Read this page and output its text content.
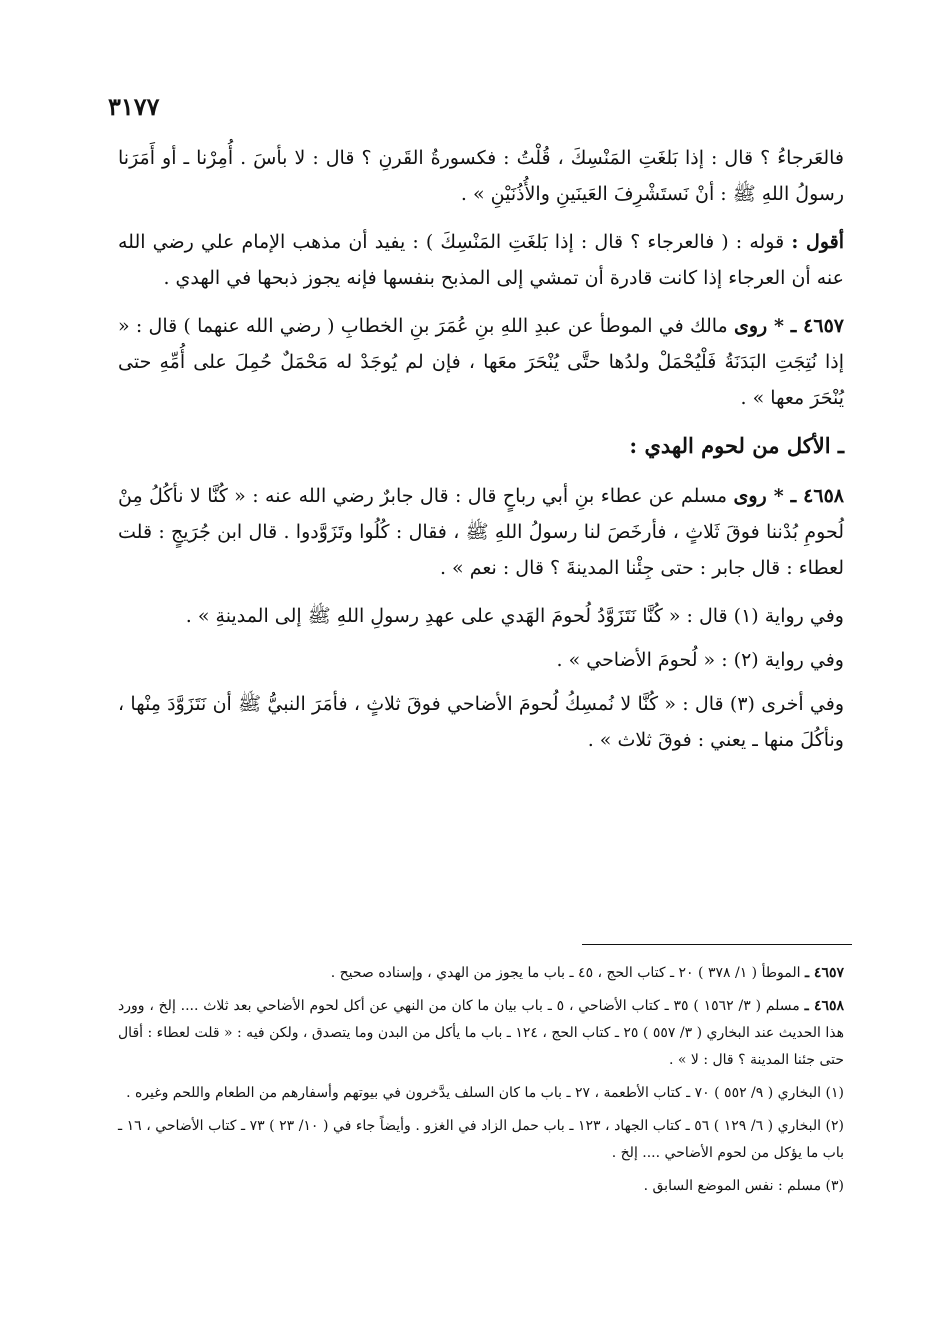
٣١٧٧

فالعَرجاءُ ؟ قال : إذا بَلغَتِ المَنْسِكَ ، قُلْتُ : فكسورةُ القَرنِ ؟ قال : لا بأسَ . أُمِرْنا ـ أو أَمَرَنا رسولُ اللهِ ﷺ : أنْ نَستَشْرِفَ العَينَينِ والأُذُنَيْنِ » .

أقول : قوله : ( فالعرجاء ؟ قال : إذا بَلغَتِ المَنْسِكَ ) : يفيد أن مذهب الإمام علي رضي الله عنه أن العرجاء إذا كانت قادرة أن تمشي إلى المذبح بنفسها فإنه يجوز ذبحها في الهدي .

٤٦٥٧ ـ * روى مالك في الموطأ عن عبدِ اللهِ بنِ عُمَرَ بنِ الخطابِ ( رضي الله عنهما ) قال : « إذا نُتِجَتِ البَدَنَةُ فَلْيُحْمَلْ ولدُها حتَّى يُنْحَرَ معَها ، فإن لم يُوجَدْ له مَحْمَلٌ حُمِلَ على أُمِّهِ حتى يُنْحَرَ معها » .

ـ الأكل من لحوم الهدي :

٤٦٥٨ ـ * روى مسلم عن عطاء بنِ أبي رباحٍ قال : قال جابرٌ رضي الله عنه : « كُنَّا لا نأكُلُ مِنْ لُحومِ بُدْننا فوقَ ثَلاثٍ ، فأرخَصَ لنا رسولُ اللهِ ﷺ ، فقال : كُلُوا وتَزَوَّدوا . قال ابن جُرَيجٍ : قلت لعطاء : قال جابر : حتى جِئْنا المدينةَ ؟ قال : نعم » .

وفي رواية (١) قال : « كُنَّا نَتَزَوَّدُ لُحومَ الهَدي على عهدِ رسولِ اللهِ ﷺ إلى المدينةِ » .

وفي رواية (٢) : « لُحومَ الأضاحي » .

وفي أخرى (٣) قال : « كُنَّا لا نُمسِكُ لُحومَ الأضاحي فوقَ ثلاثٍ ، فأمَرَ النبيُّ ﷺ أن نَتَزَوَّدَ مِنْها ، ونأكُلَ منها ـ يعني : فوقَ ثلاث » .

٤٦٥٧ ـ الموطأ ( ١/ ٣٧٨ ) ٢٠ ـ كتاب الحج ، ٤٥ ـ باب ما يجوز من الهدي ، وإسناده صحيح .

٤٦٥٨ ـ مسلم ( ٣/ ١٥٦٢ ) ٣٥ ـ كتاب الأضاحي ، ٥ ـ باب بيان ما كان من النهي عن أكل لحوم الأضاحي بعد ثلاث .... إلخ ، وورد هذا الحديث عند البخاري ( ٣/ ٥٥٧ ) ٢٥ ـ كتاب الحج ، ١٢٤ ـ باب ما يأكل من البدن وما يتصدق ، ولكن فيه : « قلت لعطاء : أقال حتى جئنا المدينة ؟ قال : لا » .

(١) البخاري ( ٩/ ٥٥٢ ) ٧٠ ـ كتاب الأطعمة ، ٢٧ ـ باب ما كان السلف يدَّخرون في بيوتهم وأسفارهم من الطعام واللحم وغيره .

(٢) البخاري ( ٦/ ١٢٩ ) ٥٦ ـ كتاب الجهاد ، ١٢٣ ـ باب حمل الزاد في الغزو . وأيضاً جاء في ( ١٠/ ٢٣ ) ٧٣ ـ كتاب الأضاحي ، ١٦ ـ باب ما يؤكل من لحوم الأضاحي .... إلخ .

(٣) مسلم : نفس الموضع السابق .
